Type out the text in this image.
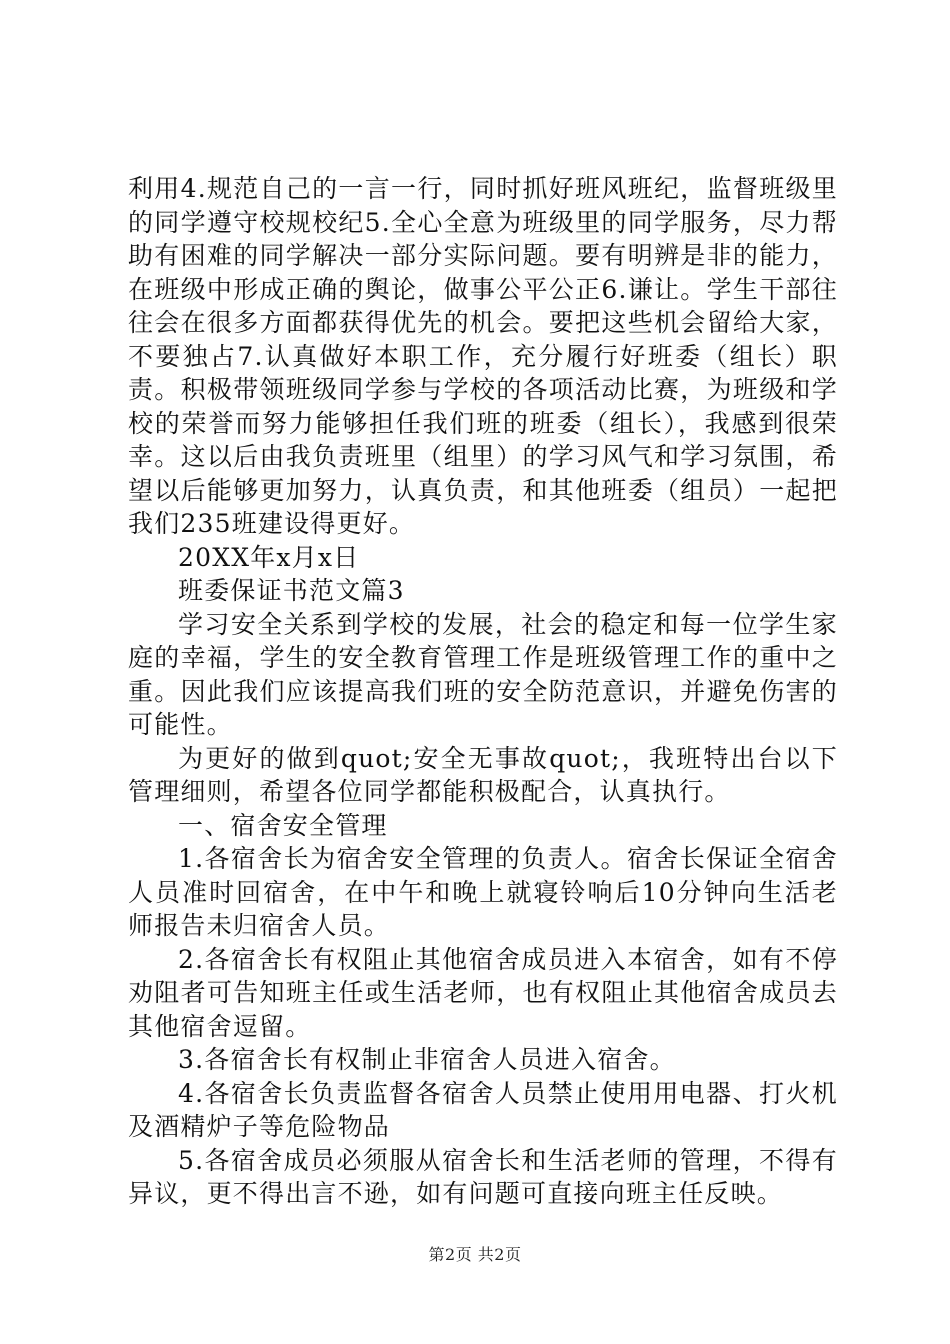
利用4.规范自己的一言一行，同时抓好班风班纪，监督班级里的同学遵守校规校纪5.全心全意为班级里的同学服务，尽力帮助有困难的同学解决一部分实际问题。要有明辨是非的能力，在班级中形成正确的舆论，做事公平公正6.谦让。学生干部往往会在很多方面都获得优先的机会。要把这些机会留给大家，不要独占7.认真做好本职工作，充分履行好班委（组长）职责。积极带领班级同学参与学校的各项活动比赛，为班级和学校的荣誉而努力能够担任我们班的班委（组长），我感到很荣幸。这以后由我负责班里（组里）的学习风气和学习氛围，希望以后能够更加努力，认真负责，和其他班委（组员）一起把我们235班建设得更好。

20XX年x月x日

班委保证书范文篇3

学习安全关系到学校的发展，社会的稳定和每一位学生家庭的幸福，学生的安全教育管理工作是班级管理工作的重中之重。因此我们应该提高我们班的安全防范意识，并避免伤害的可能性。

为更好的做到quot;安全无事故quot;，我班特出台以下管理细则，希望各位同学都能积极配合，认真执行。

一、宿舍安全管理

1.各宿舍长为宿舍安全管理的负责人。宿舍长保证全宿舍人员准时回宿舍，在中午和晚上就寝铃响后10分钟向生活老师报告未归宿舍人员。

2.各宿舍长有权阻止其他宿舍成员进入本宿舍，如有不停劝阻者可告知班主任或生活老师，也有权阻止其他宿舍成员去其他宿舍逗留。

3.各宿舍长有权制止非宿舍人员进入宿舍。

4.各宿舍长负责监督各宿舍人员禁止使用用电器、打火机及酒精炉子等危险物品

5.各宿舍成员必须服从宿舍长和生活老师的管理，不得有异议，更不得出言不逊，如有问题可直接向班主任反映。

第2页 共2页
